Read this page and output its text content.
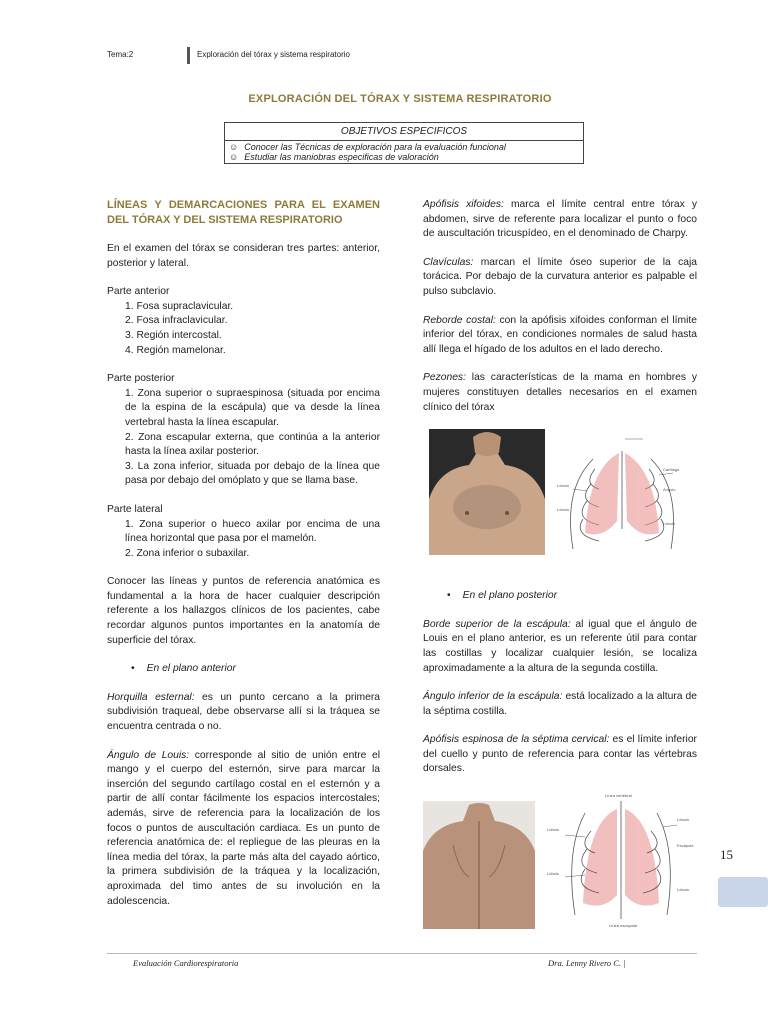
Tema:2	Exploración del tórax y sistema respiratorio
EXPLORACIÓN DEL TÓRAX Y SISTEMA RESPIRATORIO
OBJETIVOS ESPECIFICOS
☺ Conocer las Técnicas de exploración para la evaluación funcional
☺ Estudiar las maniobras especificas de valoración
LÍNEAS Y DEMARCACIONES PARA EL EXAMEN DEL TÓRAX Y DEL SISTEMA RESPIRATORIO

En el examen del tórax se consideran tres partes: anterior, posterior y lateral.

Parte anterior
1. Fosa supraclavicular.
2. Fosa infraclavicular.
3. Región intercostal.
4. Región mamelonar.
Parte posterior
1. Zona superior o supraespinosa (situada por encima de la espina de la escápula) que va desde la línea vertebral hasta la línea escapular.
2. Zona escapular externa, que continúa a la anterior hasta la línea axilar posterior.
3. La zona inferior, situada por debajo de la línea que pasa por debajo del omóplato y que se llama base.
Parte lateral
1. Zona superior o hueco axilar por encima de una línea horizontal que pasa por el mamelón.
2. Zona inferior o subaxilar.

Conocer las líneas y puntos de referencia anatómica es fundamental a la hora de hacer cualquier descripción referente a los hallazgos clínicos de los pacientes, cabe recordar algunos puntos importantes en la anatomía de superficie del tórax.

• En el plano anterior

Horquilla esternal: es un punto cercano a la primera subdivisión traqueal, debe observarse allí si la tráquea se encuentra centrada o no.

Ángulo de Louis: corresponde al sitio de unión entre el mango y el cuerpo del esternón, sirve para marcar la inserción del segundo cartílago costal en el esternón y a partir de allí contar fácilmente los espacios intercostales; además, sirve de referencia para la localización de los focos o puntos de auscultación cardiaca. Es un punto de referencia anatómica de: el repliegue de las pleuras en la línea media del tórax, la parte más alta del cayado aórtico, la primera subdivisión de la tráquea y la localización, aproximada del timo antes de su involución en la adolescencia.

Apófisis xifoides: marca el límite central entre tórax y abdomen, sirve de referente para localizar el punto o foco de auscultación tricuspídeo, en el denominado de Charpy.

Clavículas: marcan el límite óseo superior de la caja torácica. Por debajo de la curvatura anterior es palpable el pulso subclavio.

Reborde costal: con la apófisis xifoides conforman el límite inferior del tórax, en condiciones normales de salud hasta allí llega el hígado de los adultos en el lado derecho.

Pezones: las características de la mama en hombres y mujeres constituyen detalles necesarios en el examen clínico del tórax

Lóbulo
Lóbulo
Cartílago
Ángulo
Lóbulo
• En el plano posterior

Borde superior de la escápula: al igual que el ángulo de Louis en el plano anterior, es un referente útil para contar las costillas y localizar cualquier lesión, se localiza aproximadamente a la altura de la segunda costilla.

Ángulo inferior de la escápula: está localizado a la altura de la séptima costilla.

Apófisis espinosa de la séptima cervical: es el límite inferior del cuello y punto de referencia para contar las vértebras dorsales.

Línea vertebral
Lóbulo
Lóbulo
Lóbulo
Escápula
Lóbulo
Línea escapular
15
Evaluación Cardiorespiratoria	Dra. Lenny Rivero C. |
